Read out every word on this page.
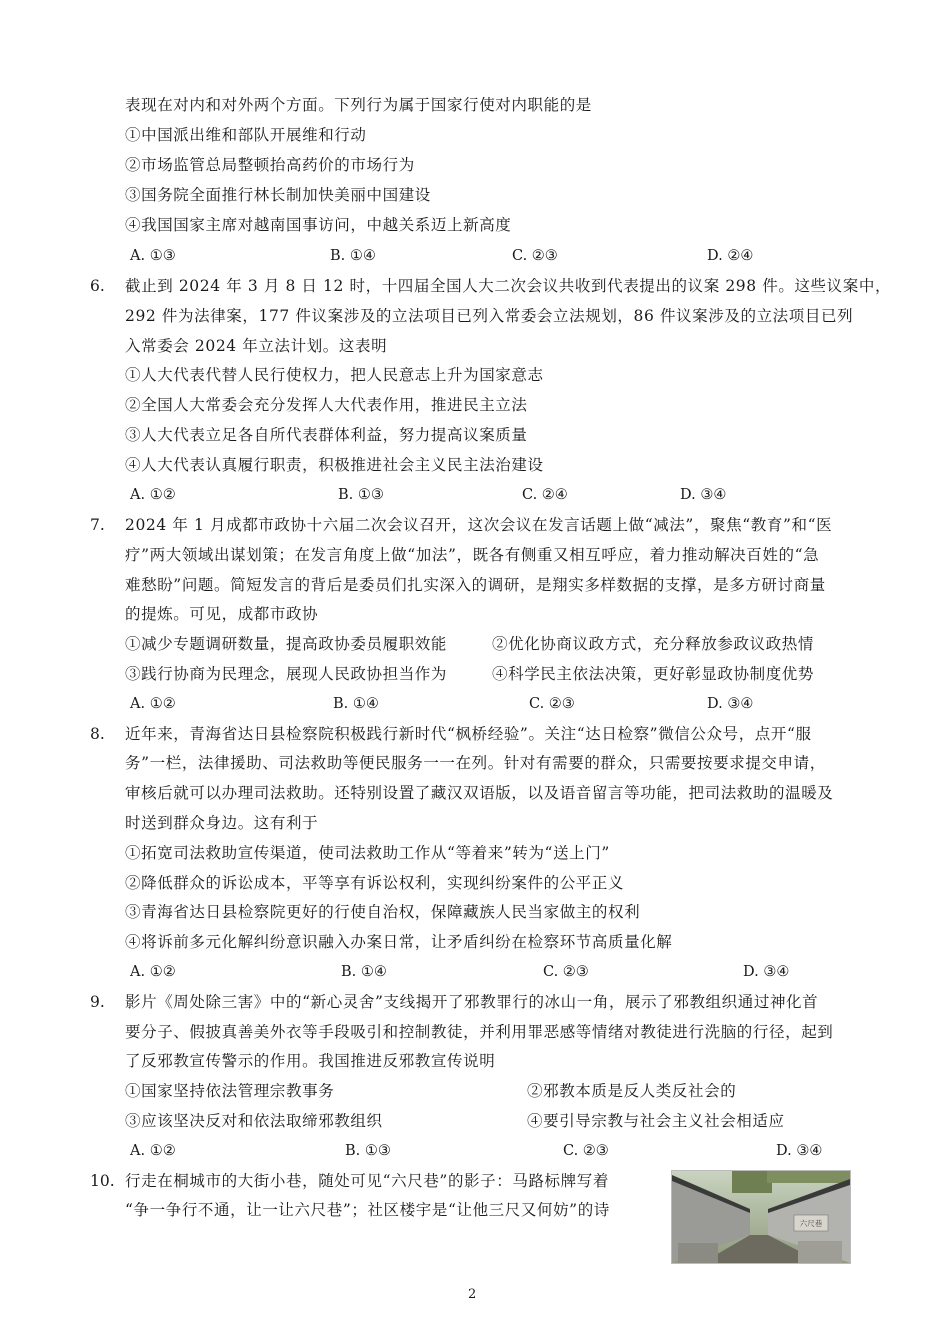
表现在对内和对外两个方面。下列行为属于国家行使对内职能的是
①中国派出维和部队开展维和行动
②市场监管总局整顿抬高药价的市场行为
③国务院全面推行林长制加快美丽中国建设
④我国国家主席对越南国事访问，中越关系迈上新高度
A. ①③	B. ①④	C. ②③	D. ②④
6. 截止到 2024 年 3 月 8 日 12 时，十四届全国人大二次会议共收到代表提出的议案 298 件。这些议案中，
292 件为法律案，177 件议案涉及的立法项目已列入常委会立法规划，86 件议案涉及的立法项目已列
入常委会 2024 年立法计划。这表明
①人大代表代替人民行使权力，把人民意志上升为国家意志
②全国人大常委会充分发挥人大代表作用，推进民主立法
③人大代表立足各自所代表群体利益，努力提高议案质量
④人大代表认真履行职责，积极推进社会主义民主法治建设
A. ①②	B. ①③	C. ②④	D. ③④
7. 2024 年 1 月成都市政协十六届二次会议召开，这次会议在发言话题上做“减法”，聚焦“教育”和“医
疗”两大领域出谋划策；在发言角度上做“加法”，既各有侧重又相互呼应，着力推动解决百姓的“急
难愁盼”问题。简短发言的背后是委员们扎实深入的调研，是翔实多样数据的支撑，是多方研讨商量
的提炼。可见，成都市政协
①减少专题调研数量，提高政协委员履职效能	②优化协商议政方式，充分释放参政议政热情
③践行协商为民理念，展现人民政协担当作为	④科学民主依法决策，更好彰显政协制度优势
A. ①②	B. ①④	C. ②③	D. ③④
8. 近年来，青海省达日县检察院积极践行新时代“枫桥经验”。关注“达日检察”微信公众号，点开“服
务”一栏，法律援助、司法救助等便民服务一一在列。针对有需要的群众，只需要按要求提交申请，
审核后就可以办理司法救助。还特别设置了藏汉双语版，以及语音留言等功能，把司法救助的温暖及
时送到群众身边。这有利于
①拓宽司法救助宣传渠道，使司法救助工作从“等着来”转为“送上门”
②降低群众的诉讼成本，平等享有诉讼权利，实现纠纷案件的公平正义
③青海省达日县检察院更好的行使自治权，保障藏族人民当家做主的权利
④将诉前多元化解纠纷意识融入办案日常，让矛盾纠纷在检察环节高质量化解
A. ①②	B. ①④	C. ②③	D. ③④
9. 影片《周处除三害》中的“新心灵舍”支线揭开了邪教罪行的冰山一角，展示了邪教组织通过神化首
要分子、假披真善美外衣等手段吸引和控制教徒，并利用罪恶感等情绪对教徒进行洗脑的行径，起到
了反邪教宣传警示的作用。我国推进反邪教宣传说明
①国家坚持依法管理宗教事务	②邪教本质是反人类反社会的
③应该坚决反对和依法取缔邪教组织	④要引导宗教与社会主义社会相适应
A. ①②	B. ①③	C. ②③	D. ③④
10. 行走在桐城市的大街小巷，随处可见“六尺巷”的影子：马路标牌写着
“争一争行不通，让一让六尺巷”；社区楼宇是“让他三尺又何妨”的诗
六尺巷
2
